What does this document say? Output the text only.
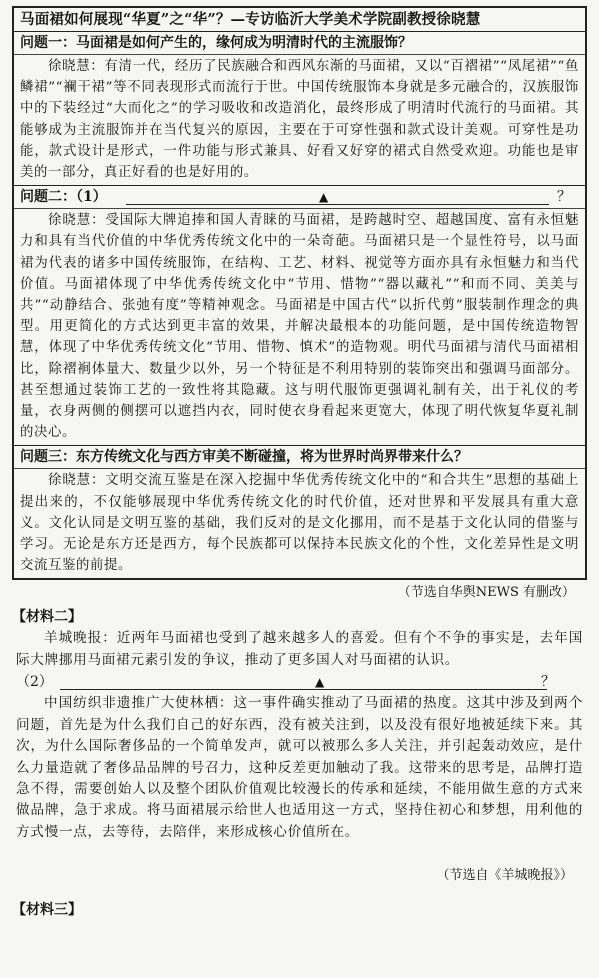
马面裙如何展现“华夏”之“华”？—专访临沂大学美术学院副教授徐晓慧
问题一：马面裙是如何产生的，缘何成为明清时代的主流服饰？
徐晓慧：有清一代，经历了民族融合和西风东渐的马面裙，又以“百褶裙”“凤尾裙”“鱼鳞裙”“襕干裙”等不同表现形式而流行于世。中国传统服饰本身就是多元融合的，汉族服饰中的下装经过“大而化之”的学习吸收和改造消化，最终形成了明清时代流行的马面裙。其能够成为主流服饰并在当代复兴的原因，主要在于可穿性强和款式设计美观。可穿性是功能，款式设计是形式，一件功能与形式兼具、好看又好穿的裙式自然受欢迎。功能也是审美的一部分，真正好看的也是好用的。
问题二：（1）	▲	？
徐晓慧：受国际大牌追捧和国人青睐的马面裙，是跨越时空、超越国度、富有永恒魅力和具有当代价值的中华优秀传统文化中的一朵奇葩。马面裙只是一个显性符号，以马面裙为代表的诸多中国传统服饰，在结构、工艺、材料、视觉等方面亦具有永恒魅力和当代价值。马面裙体现了中华优秀传统文化中“节用、惜物”“器以藏礼”“和而不同、美美与共”“动静结合、张弛有度”等精神观念。马面裙是中国古代“以折代剪”服装制作理念的典型。用更简化的方式达到更丰富的效果，并解决最根本的功能问题，是中国传统造物智慧，体现了中华优秀传统文化“节用、惜物、慎术”的造物观。明代马面裙与清代马面裙相比，除褶裥体量大、数量少以外，另一个特征是不利用特别的装饰突出和强调马面部分。甚至想通过装饰工艺的一致性将其隐藏。这与明代服饰更强调礼制有关，出于礼仪的考量，衣身两侧的侧摆可以遮挡内衣，同时使衣身看起来更宽大，体现了明代恢复华夏礼制的决心。
问题三：东方传统文化与西方审美不断碰撞，将为世界时尚界带来什么？
徐晓慧：文明交流互鉴是在深入挖掘中华优秀传统文化中的“和合共生”思想的基础上提出来的，不仅能够展现中华优秀传统文化的时代价值，还对世界和平发展具有重大意义。文化认同是文明互鉴的基础，我们反对的是文化挪用，而不是基于文化认同的借鉴与学习。无论是东方还是西方，每个民族都可以保持本民族文化的个性，文化差异性是文明交流互鉴的前提。
（节选自华舆NEWS 有删改）
【材料二】
羊城晚报：近两年马面裙也受到了越来越多人的喜爱。但有个不争的事实是，去年国际大牌挪用马面裙元素引发的争议，推动了更多国人对马面裙的认识。
（2）	▲	？
中国纺织非遗推广大使林栖：这一事件确实推动了马面裙的热度。这其中涉及到两个问题，首先是为什么我们自己的好东西，没有被关注到，以及没有很好地被延续下来。其次，为什么国际奢侈品的一个简单发声，就可以被那么多人关注，并引起轰动效应，是什么力量造就了奢侈品品牌的号召力，这种反差更加触动了我。这带来的思考是，品牌打造急不得，需要创始人以及整个团队价值观比较漫长的传承和延续，不能用做生意的方式来做品牌，急于求成。将马面裙展示给世人也适用这一方式，坚持住初心和梦想，用利他的方式慢一点，去等待，去陪伴，来形成核心价值所在。
（节选自《羊城晚报》）
【材料三】
